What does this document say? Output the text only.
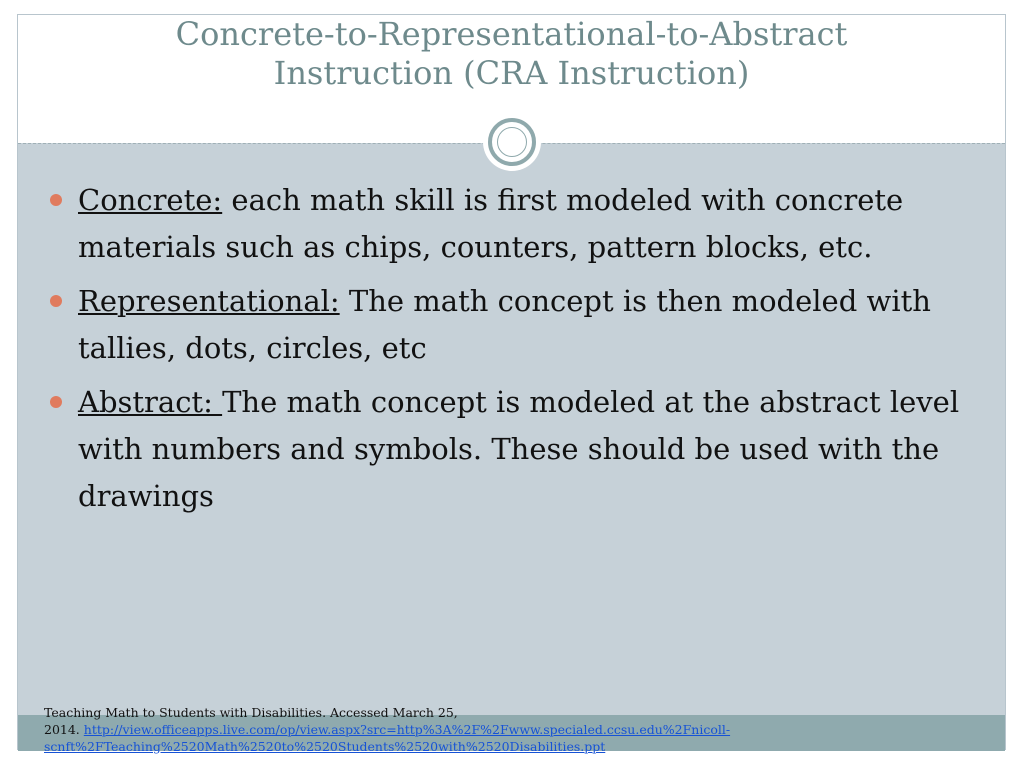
Concrete-to-Representational-to-Abstract
Instruction (CRA Instruction)
Concrete: each math skill is first modeled with concrete materials such as chips, counters, pattern blocks, etc.
Representational: The math concept is then modeled with tallies, dots, circles, etc
Abstract: The math concept is modeled at the abstract level with numbers and symbols. These should be used with the drawings
Teaching Math to Students with Disabilities. Accessed March 25,
2014. http://view.officeapps.live.com/op/view.aspx?src=http%3A%2F%2Fwww.specialed.ccsu.edu%2Fnicoll-scnft%2FTeaching%2520Math%2520to%2520Students%2520with%2520Disabilities.ppt
